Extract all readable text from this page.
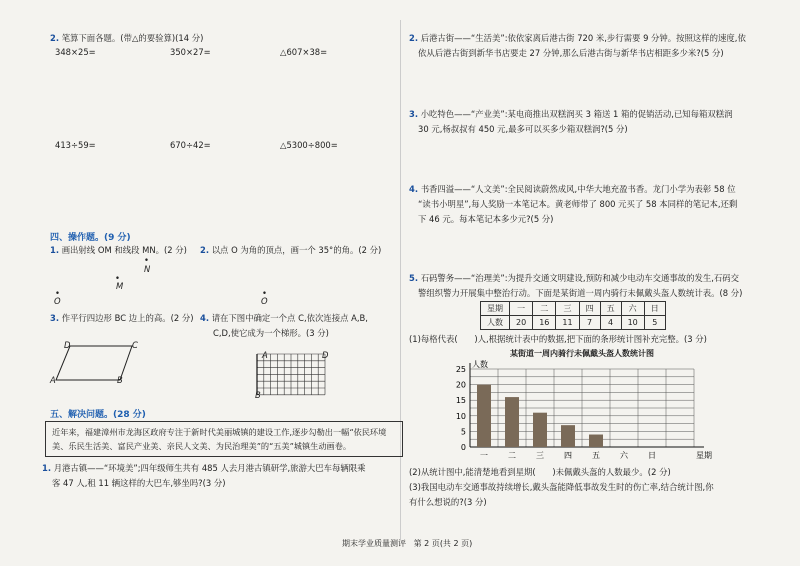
2. 笔算下面各题。(带△的要验算)(14 分)
348×25=	350×27=	△607×38=
413÷59=	670÷42=	△5300÷800=
四、操作题。(9 分)
1. 画出射线 OM 和线段 MN。(2 分) 2. 以点 O 为角的顶点，画一个 35°的角。(2 分)
•
N
•
M
•
O
•
O
3. 作平行四边形 BC 边上的高。(2 分) 4. 请在下图中确定一个点 C,依次连接点 A,B,
C,D,使它成为一个梯形。(3 分)
D	C
A	B
A	D
B
五、解决问题。(28 分)
近年来，福建漳州市龙海区政府专注于新时代美丽城镇的建设工作,逐步勾勒出一幅“依民环境美、乐民生活美、富民产业美、亲民人文美、为民治理美”的“五美”城镇生动画卷。
1. 月港古镇——“环境美”;四年级师生共有 485 人去月港古镇研学,旅游大巴车每辆限乘
客 47 人,租 11 辆这样的大巴车,够坐吗?(3 分)
2. 后港古街——“生活美”:依依家离后港古街 720 米,步行需要 9 分钟。按照这样的速度,依
依从后港古街到新华书店要走 27 分钟,那么后港古街与新华书店相距多少米?(5 分)
3. 小吃特色——“产业美”:某电商推出双糕润买 3 箱送 1 箱的促销活动,已知每箱双糕润
30 元,杨叔叔有 450 元,最多可以买多少箱双糕润?(5 分)
4. 书香四溢——“人文美”:全民阅读蔚然成风,中华大地充盈书香。龙门小学为表彰 58 位
“读书小明星”,每人奖励一本笔记本。黄老师带了 800 元买了 58 本同样的笔记本,还剩
下 46 元。每本笔记本多少元?(5 分)
5. 石码警务——“治理美”:为提升交通文明建设,预防和减少电动车交通事故的发生,石码交
警组织警力开展集中整治行动。下面是某街道一周内骑行未佩戴头盔人数统计表。(8 分)
星期	一	二	三	四	五	六	日
人数	20	16	11	7	4	10	5
(1)每格代表(　　)人,根据统计表中的数据,把下面的条形统计图补充完整。(3 分)
某街道一周内骑行未佩戴头盔人数统计图
0
5
10
15
20
25
人数
一	二	三	四	五	六	日	星期
(2)从统计图中,能清楚地看到星期(　　)未佩戴头盔的人数最少。(2 分)
(3)我国电动车交通事故持续增长,戴头盔能降低事故发生时的伤亡率,结合统计图,你
有什么想说的?(3 分)
期末学业质量测评 第 2 页(共 2 页)
